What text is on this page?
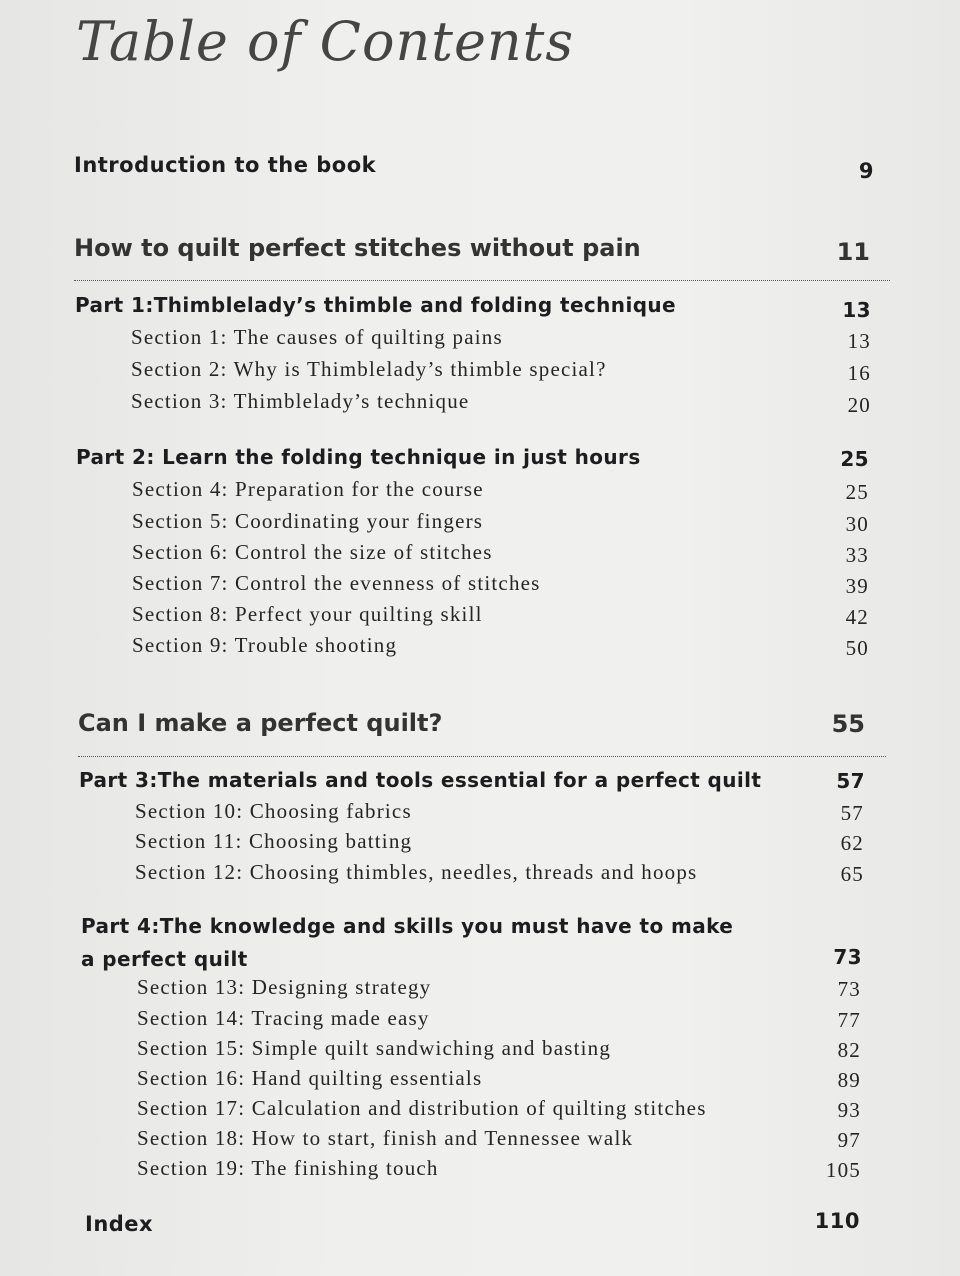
Table of Contents
Introduction to the book	9
How to quilt perfect stitches without pain	11
Part 1:Thimblelady’s thimble and folding technique	13
Section 1: The causes of quilting pains	13
Section 2: Why is Thimblelady’s thimble special?	16
Section 3: Thimblelady’s technique	20
Part 2: Learn the folding technique in just hours	25
Section 4: Preparation for the course	25
Section 5: Coordinating your fingers	30
Section 6: Control the size of stitches	33
Section 7: Control the evenness of stitches	39
Section 8: Perfect your quilting skill	42
Section 9: Trouble shooting	50
Can I make a perfect quilt?	55
Part 3:The materials and tools essential for a perfect quilt	57
Section 10: Choosing fabrics	57
Section 11: Choosing batting	62
Section 12: Choosing thimbles, needles, threads and hoops	65
Part 4:The knowledge and skills you must have to make
a perfect quilt	73
Section 13: Designing strategy	73
Section 14: Tracing made easy	77
Section 15: Simple quilt sandwiching and basting	82
Section 16: Hand quilting essentials	89
Section 17: Calculation and distribution of quilting stitches	93
Section 18: How to start, finish and Tennessee walk	97
Section 19: The finishing touch	105
Index	110
